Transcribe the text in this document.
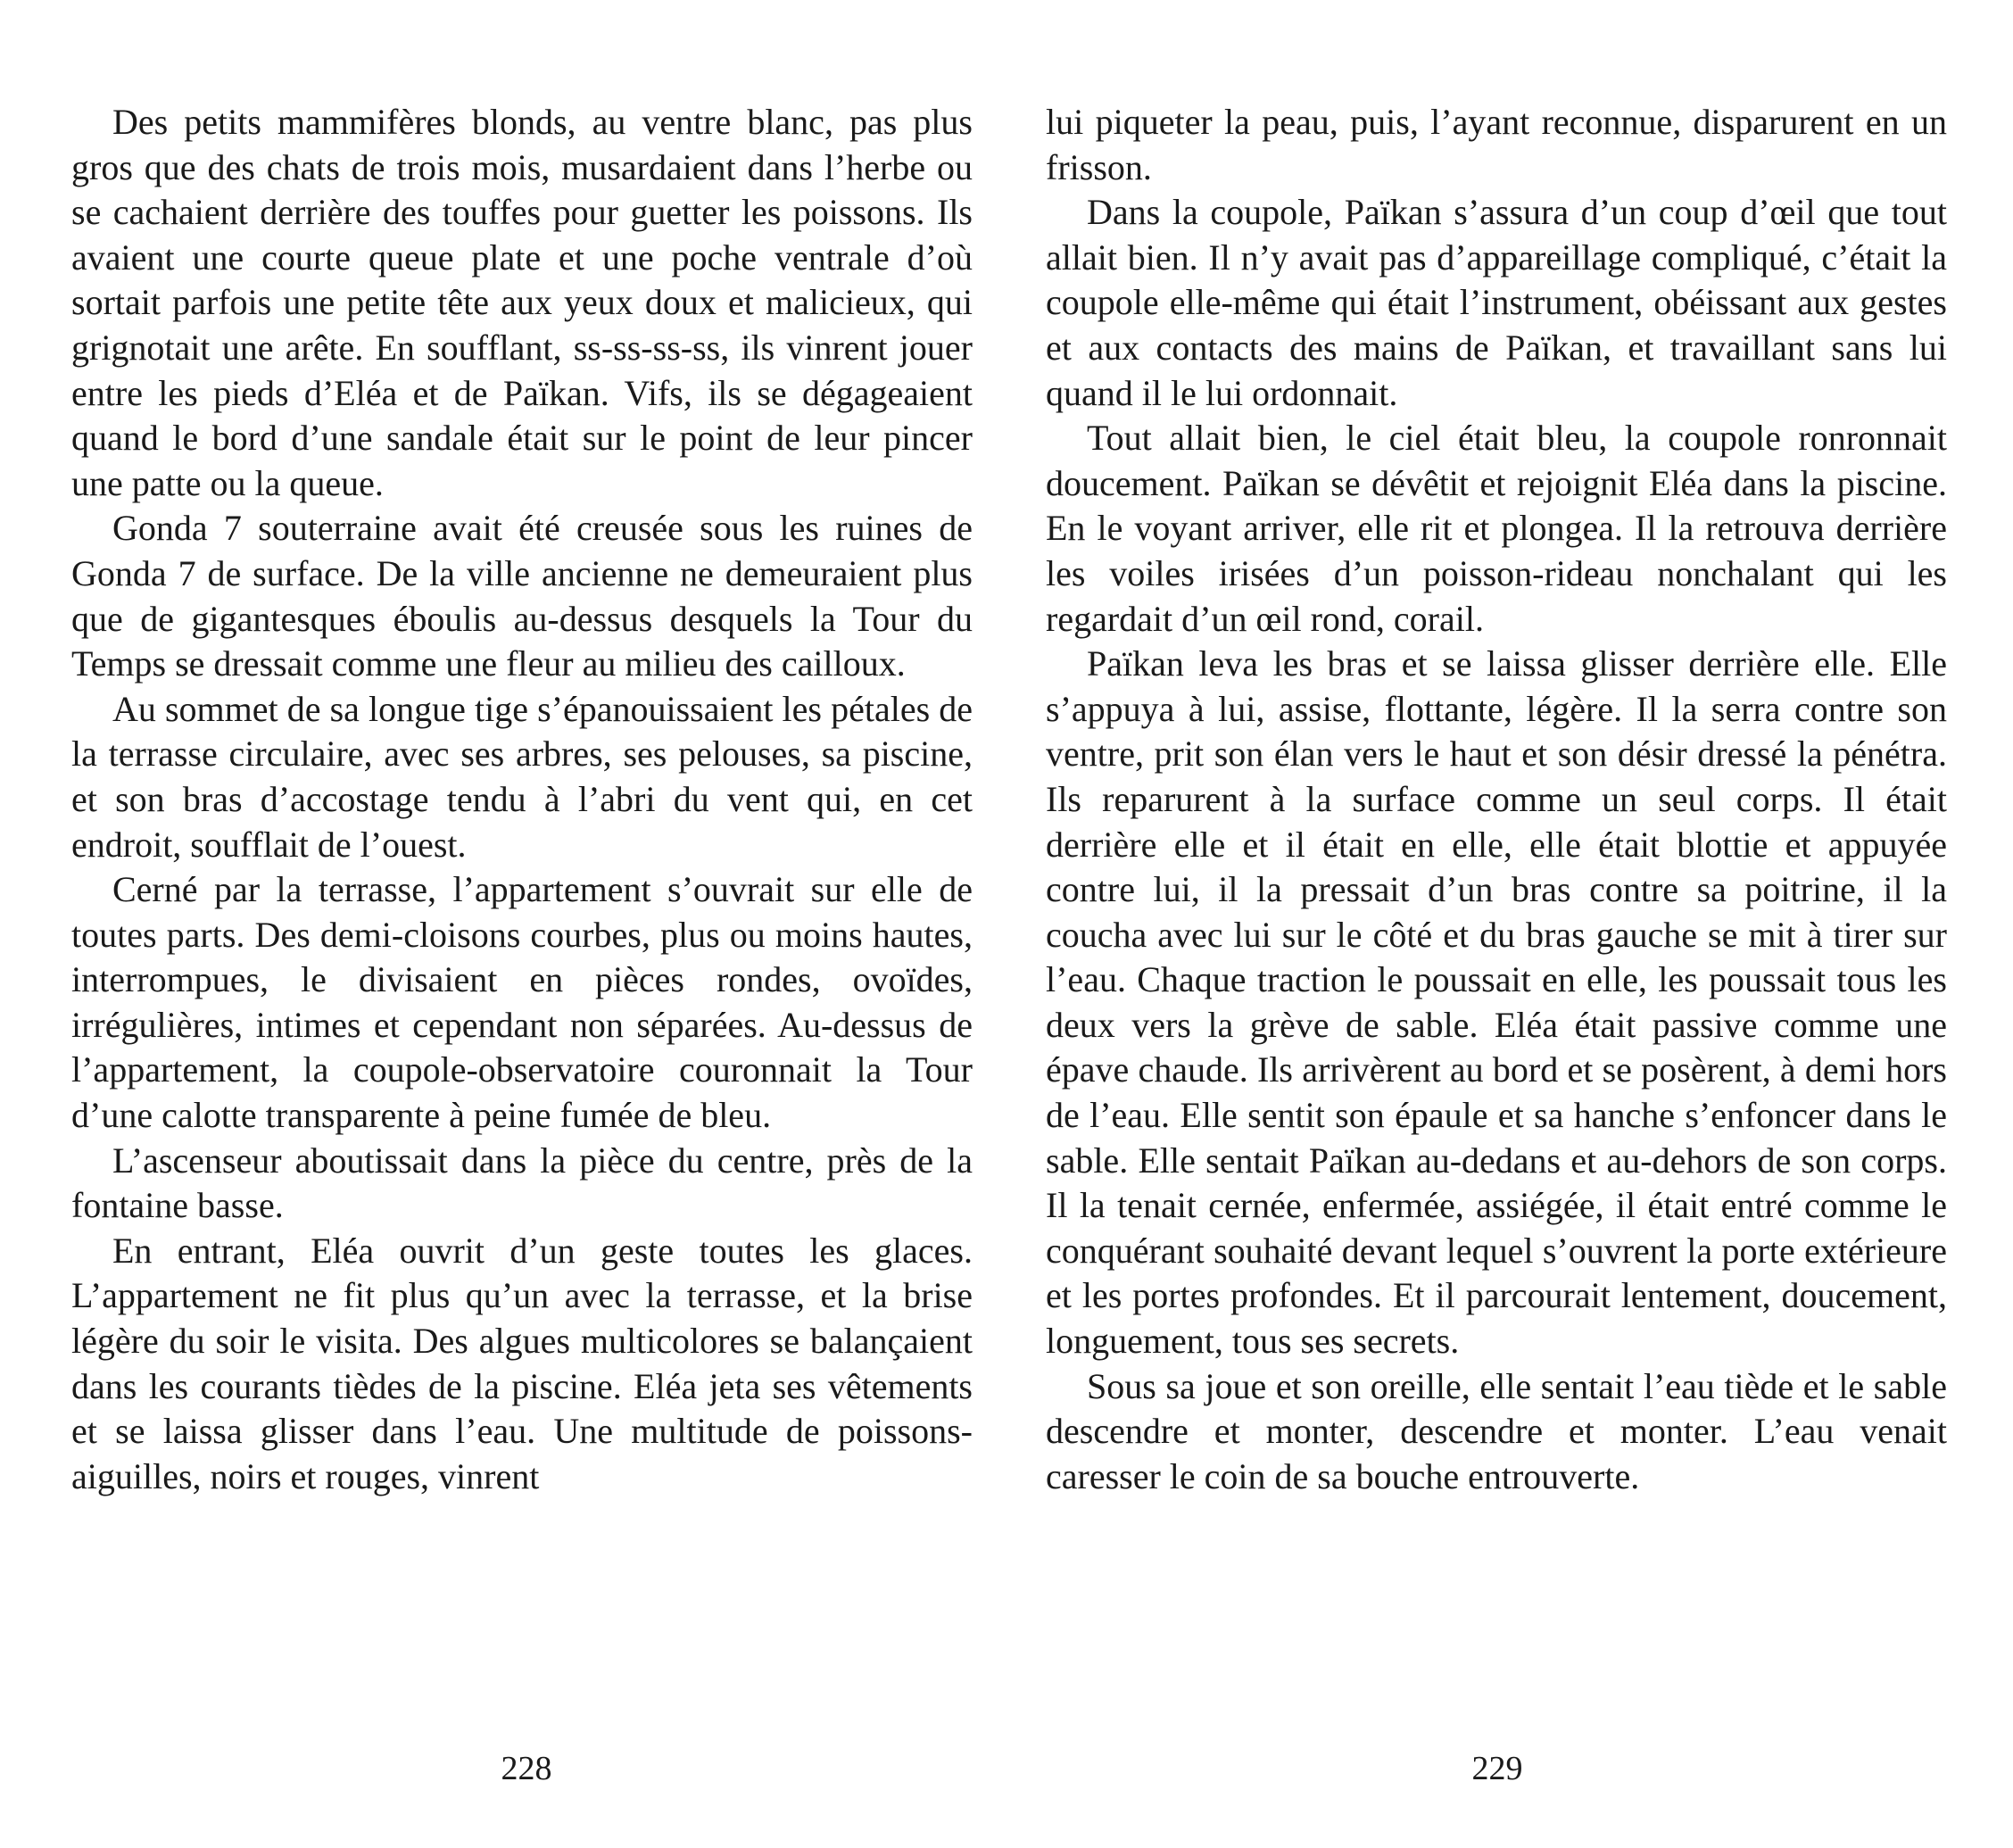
Des petits mammifères blonds, au ventre blanc, pas plus gros que des chats de trois mois, musardaient dans l’herbe ou se cachaient derrière des touffes pour guetter les poissons. Ils avaient une courte queue plate et une poche ventrale d’où sortait parfois une petite tête aux yeux doux et malicieux, qui grignotait une arête. En soufflant, ss-ss-ss-ss, ils vinrent jouer entre les pieds d’Eléa et de Païkan. Vifs, ils se dégageaient quand le bord d’une sandale était sur le point de leur pincer une patte ou la queue.

Gonda 7 souterraine avait été creusée sous les ruines de Gonda 7 de surface. De la ville ancienne ne demeuraient plus que de gigantesques éboulis au-dessus desquels la Tour du Temps se dressait comme une fleur au milieu des cailloux.

Au sommet de sa longue tige s’épanouissaient les pétales de la terrasse circulaire, avec ses arbres, ses pelouses, sa piscine, et son bras d’accostage tendu à l’abri du vent qui, en cet endroit, soufflait de l’ouest.

Cerné par la terrasse, l’appartement s’ouvrait sur elle de toutes parts. Des demi-cloisons courbes, plus ou moins hautes, interrompues, le divisaient en pièces rondes, ovoïdes, irrégulières, intimes et cependant non séparées. Au-dessus de l’appartement, la coupole-observatoire couronnait la Tour d’une calotte transparente à peine fumée de bleu.

L’ascenseur aboutissait dans la pièce du centre, près de la fontaine basse.

En entrant, Eléa ouvrit d’un geste toutes les glaces. L’appartement ne fit plus qu’un avec la terrasse, et la brise légère du soir le visita. Des algues multicolores se balançaient dans les courants tièdes de la piscine. Eléa jeta ses vêtements et se laissa glisser dans l’eau. Une multitude de poissons-aiguilles, noirs et rouges, vinrent

lui piqueter la peau, puis, l’ayant reconnue, disparurent en un frisson.

Dans la coupole, Païkan s’assura d’un coup d’œil que tout allait bien. Il n’y avait pas d’appareillage compliqué, c’était la coupole elle-même qui était l’instrument, obéissant aux gestes et aux contacts des mains de Païkan, et travaillant sans lui quand il le lui ordonnait.

Tout allait bien, le ciel était bleu, la coupole ronronnait doucement. Païkan se dévêtit et rejoignit Eléa dans la piscine. En le voyant arriver, elle rit et plongea. Il la retrouva derrière les voiles irisées d’un poisson-rideau nonchalant qui les regardait d’un œil rond, corail.

Païkan leva les bras et se laissa glisser derrière elle. Elle s’appuya à lui, assise, flottante, légère. Il la serra contre son ventre, prit son élan vers le haut et son désir dressé la pénétra. Ils reparurent à la surface comme un seul corps. Il était derrière elle et il était en elle, elle était blottie et appuyée contre lui, il la pressait d’un bras contre sa poitrine, il la coucha avec lui sur le côté et du bras gauche se mit à tirer sur l’eau. Chaque traction le poussait en elle, les poussait tous les deux vers la grève de sable. Eléa était passive comme une épave chaude. Ils arrivèrent au bord et se posèrent, à demi hors de l’eau. Elle sentit son épaule et sa hanche s’enfoncer dans le sable. Elle sentait Païkan au-dedans et au-dehors de son corps. Il la tenait cernée, enfermée, assiégée, il était entré comme le conquérant souhaité devant lequel s’ouvrent la porte extérieure et les portes profondes. Et il parcourait lentement, doucement, longuement, tous ses secrets.

Sous sa joue et son oreille, elle sentait l’eau tiède et le sable descendre et monter, descendre et monter. L’eau venait caresser le coin de sa bouche entrouverte.

228	229
